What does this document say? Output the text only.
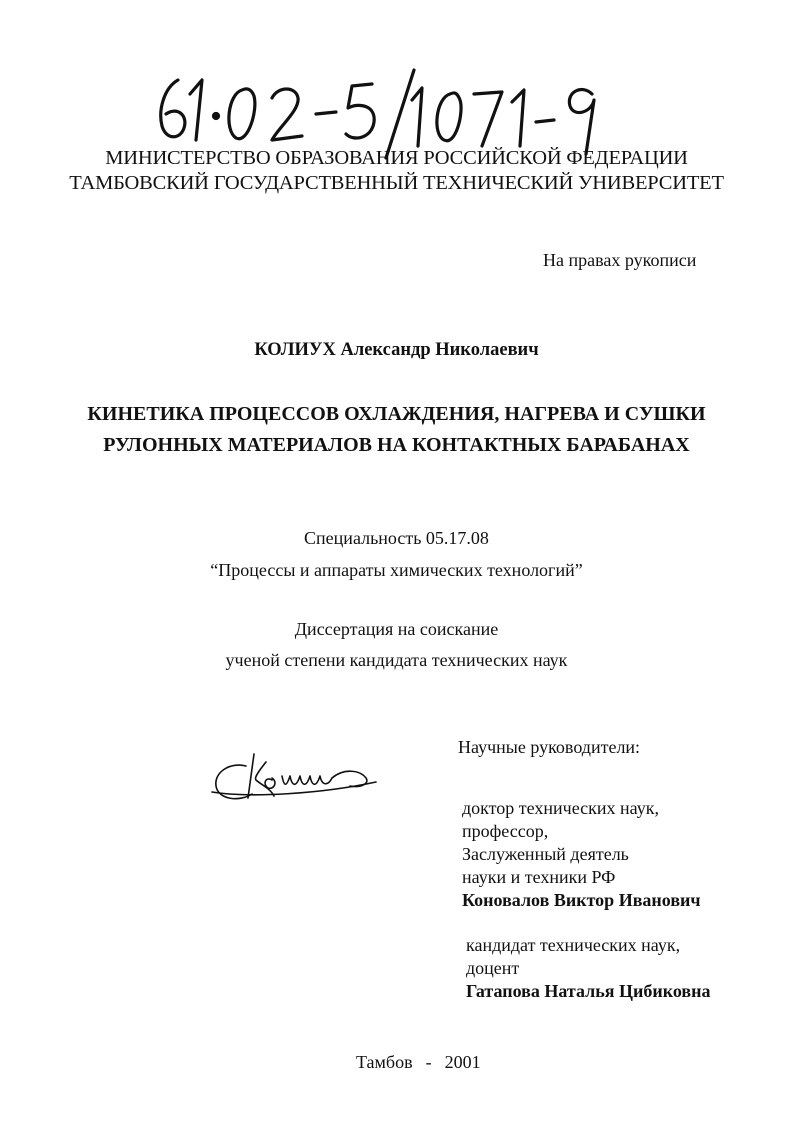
МИНИСТЕРСТВО ОБРАЗОВАНИЯ РОССИЙСКОЙ ФЕДЕРАЦИИ
ТАМБОВСКИЙ ГОСУДАРСТВЕННЫЙ ТЕХНИЧЕСКИЙ УНИВЕРСИТЕТ
На правах рукописи
КОЛИУХ Александр Николаевич
КИНЕТИКА ПРОЦЕССОВ ОХЛАЖДЕНИЯ, НАГРЕВА И СУШКИ
РУЛОННЫХ МАТЕРИАЛОВ НА КОНТАКТНЫХ БАРАБАНАХ
Специальность 05.17.08
“Процессы и аппараты химических технологий”
Диссертация на соискание
ученой степени кандидата технических наук
Научные руководители:
доктор технических наук,
профессор,
Заслуженный деятель
науки и техники РФ
Коновалов Виктор Иванович
кандидат технических наук,
доцент
Гатапова Наталья Цибиковна
Тамбов  -  2001
